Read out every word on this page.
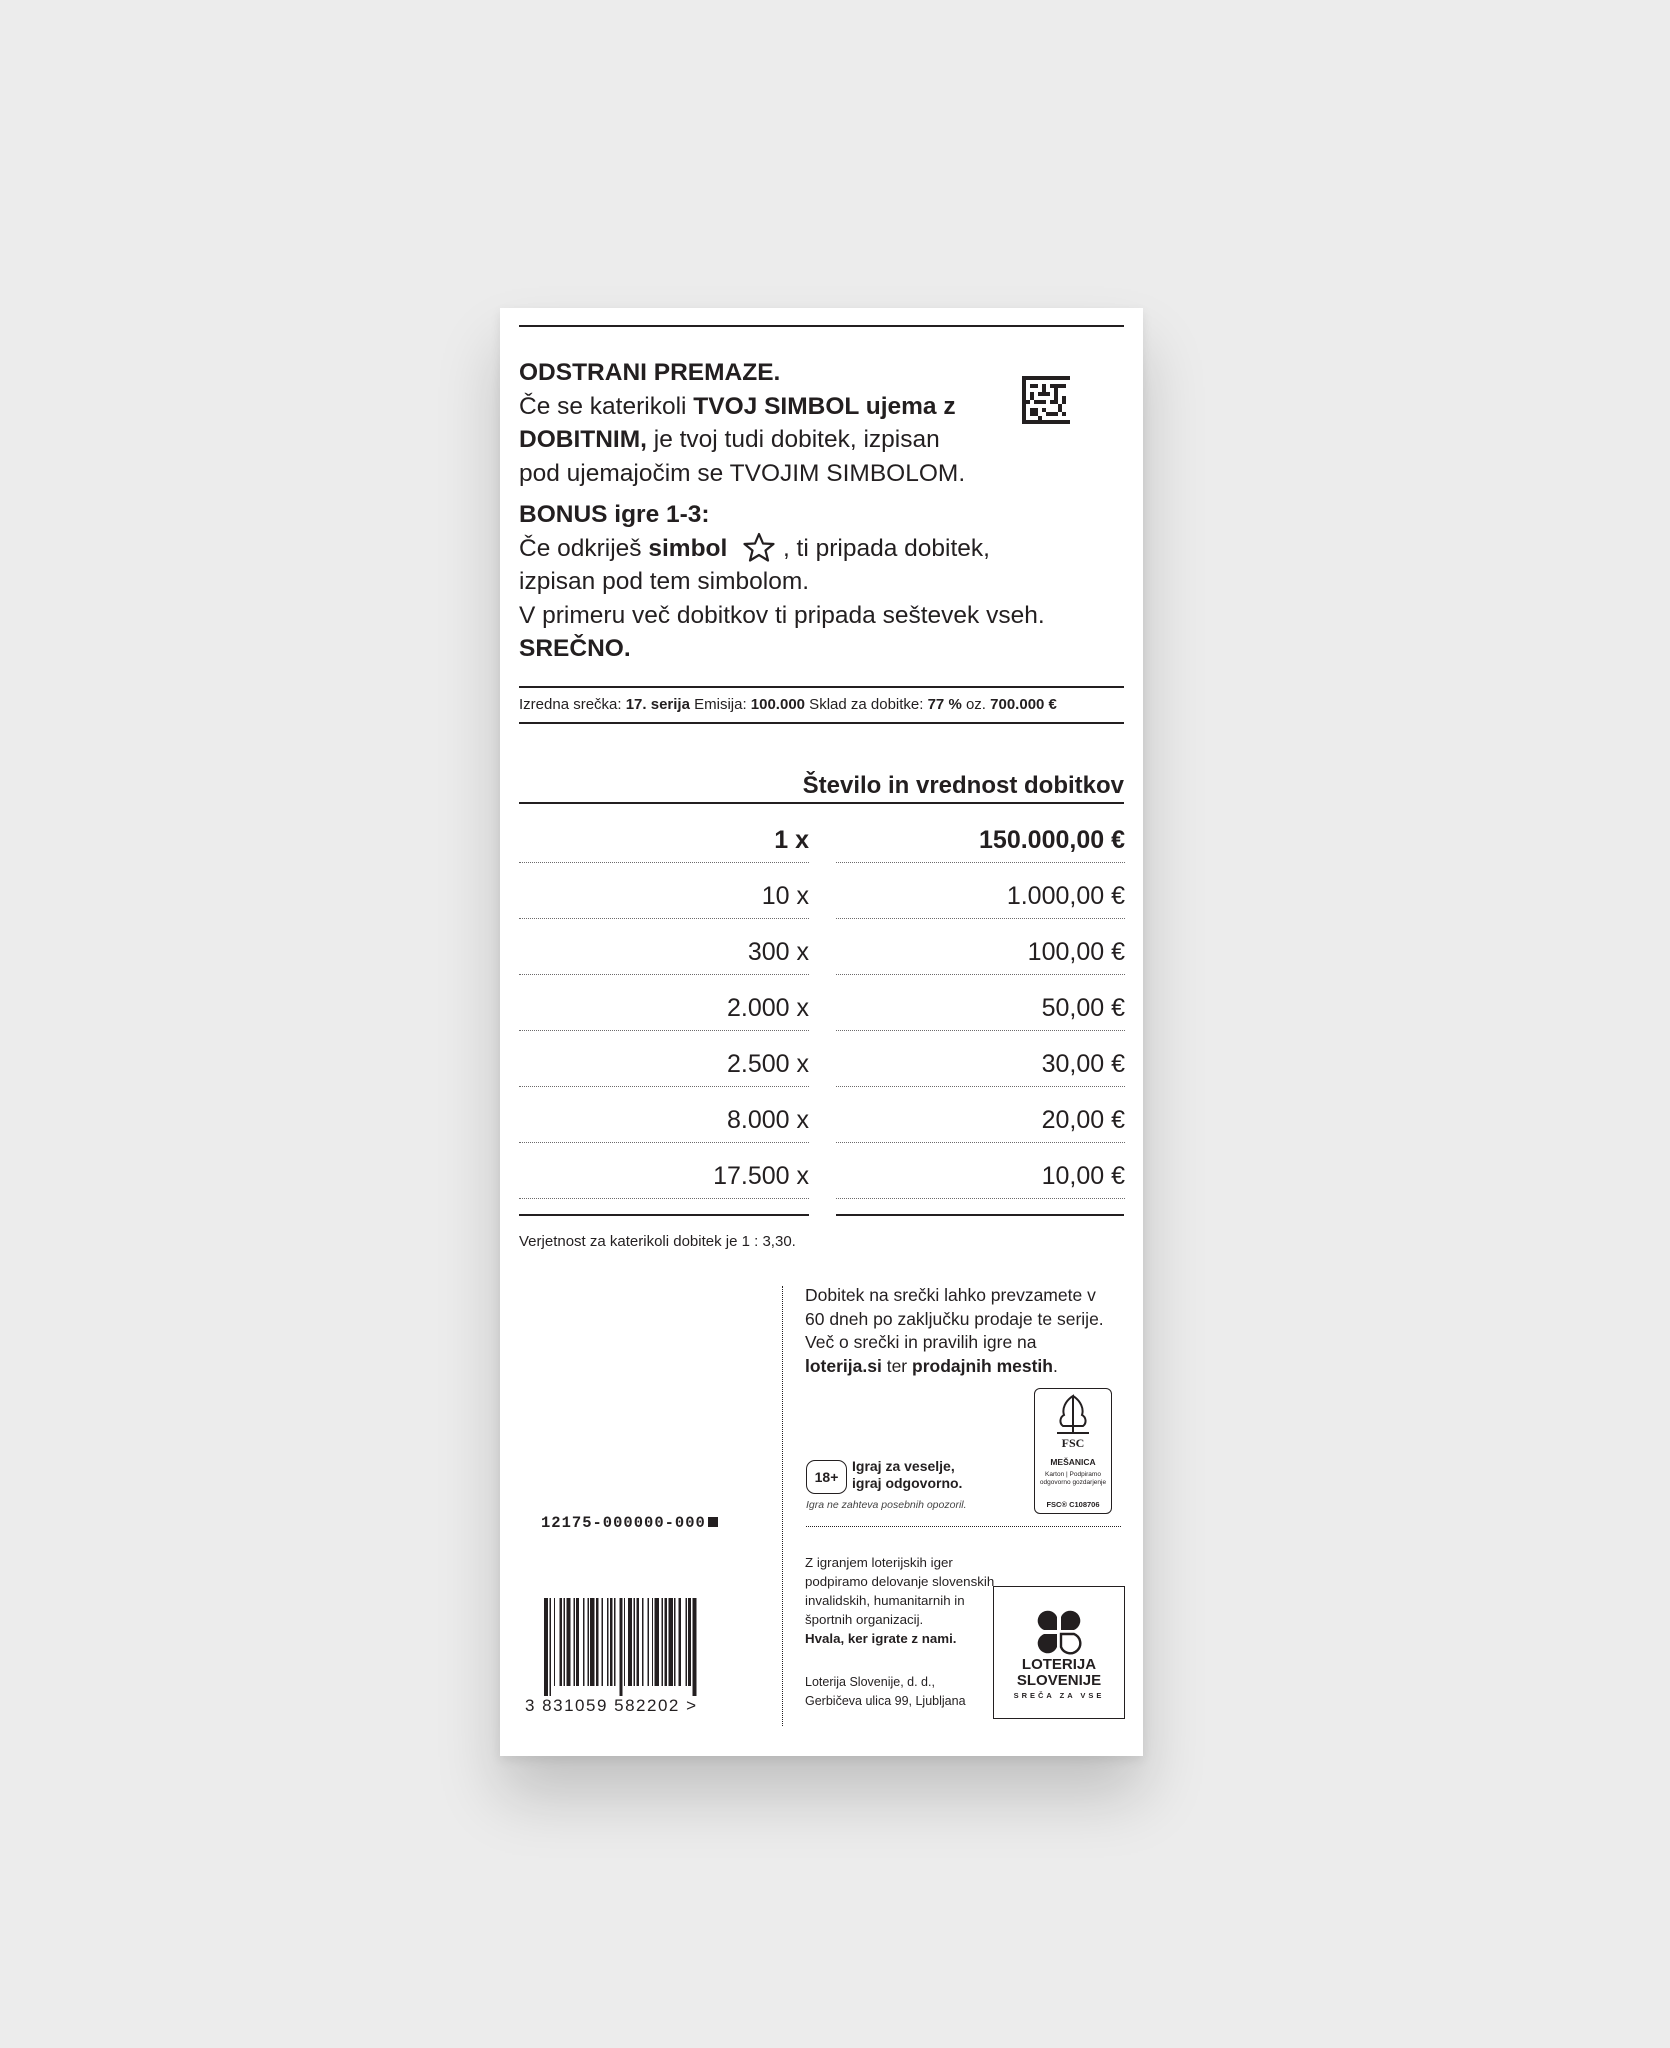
ODSTRANI PREMAZE.

Če se katerikoli TVOJ SIMBOL ujema z

DOBITNIM, je tvoj tudi dobitek, izpisan

pod ujemajočim se TVOJIM SIMBOLOM.

BONUS igre 1-3:

Če odkriješ simbol  , ti pripada dobitek,

izpisan pod tem simbolom.

V primeru več dobitkov ti pripada seštevek vseh.

SREČNO.

Izredna srečka: 17. serija Emisija: 100.000 Sklad za dobitke: 77 % oz. 700.000 €
Število in vrednost dobitkov
1 x	150.000,00 €
10 x	1.000,00 €
300 x	100,00 €
2.000 x	50,00 €
2.500 x	30,00 €
8.000 x	20,00 €
17.500 x	10,00 €
Verjetnost za katerikoli dobitek je 1 : 3,30.
Dobitek na srečki lahko prevzamete v 60 dneh po zaključku prodaje te serije. Več o srečki in pravilih igre na loterija.si ter prodajnih mestih.
FSC
MEŠANICA
Karton | Podpiramo odgovorno gozdarjenje
FSC® C108706
18+
Igraj za veselje,
igraj odgovorno.
Igra ne zahteva posebnih opozoril.
12175-000000-000
3 831059 582202 >
Z igranjem loterijskih iger podpiramo delovanje slovenskih invalidskih, humanitarnih in športnih organizacij.
Hvala, ker igrate z nami.
Loterija Slovenije, d. d.,
Gerbičeva ulica 99, Ljubljana
LOTERIJA
SLOVENIJE
SREČA ZA VSE
